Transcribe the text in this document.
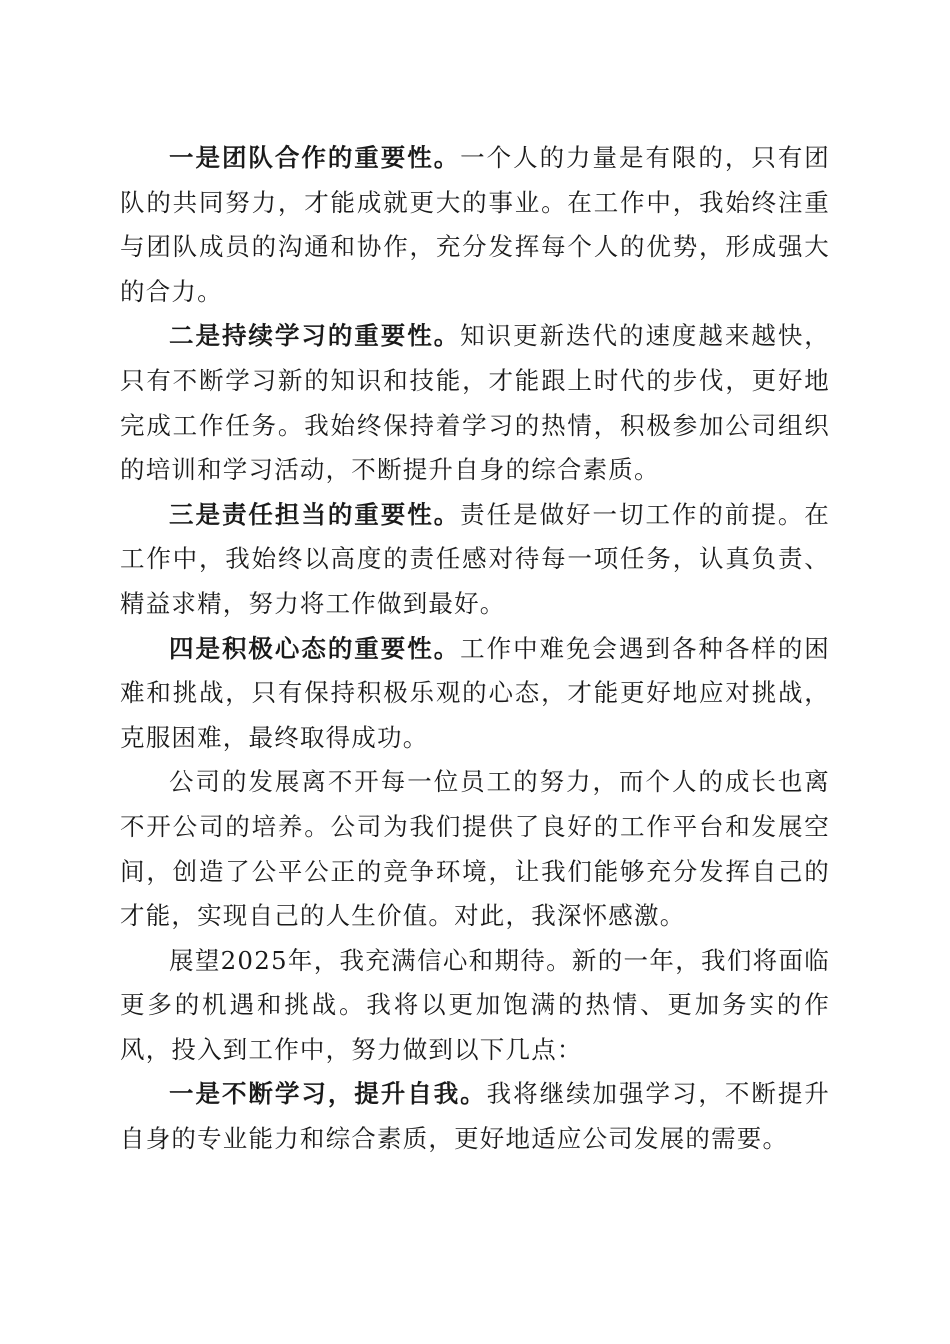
一是团队合作的重要性。一个人的力量是有限的，只有团队的共同努力，才能成就更大的事业。在工作中，我始终注重与团队成员的沟通和协作，充分发挥每个人的优势，形成强大的合力。

二是持续学习的重要性。知识更新迭代的速度越来越快，只有不断学习新的知识和技能，才能跟上时代的步伐，更好地完成工作任务。我始终保持着学习的热情，积极参加公司组织的培训和学习活动，不断提升自身的综合素质。

三是责任担当的重要性。责任是做好一切工作的前提。在工作中，我始终以高度的责任感对待每一项任务，认真负责、精益求精，努力将工作做到最好。

四是积极心态的重要性。工作中难免会遇到各种各样的困难和挑战，只有保持积极乐观的心态，才能更好地应对挑战，克服困难，最终取得成功。

公司的发展离不开每一位员工的努力，而个人的成长也离不开公司的培养。公司为我们提供了良好的工作平台和发展空间，创造了公平公正的竞争环境，让我们能够充分发挥自己的才能，实现自己的人生价值。对此，我深怀感激。

展望2025年，我充满信心和期待。新的一年，我们将面临更多的机遇和挑战。我将以更加饱满的热情、更加务实的作风，投入到工作中，努力做到以下几点：

一是不断学习，提升自我。我将继续加强学习，不断提升自身的专业能力和综合素质，更好地适应公司发展的需要。
